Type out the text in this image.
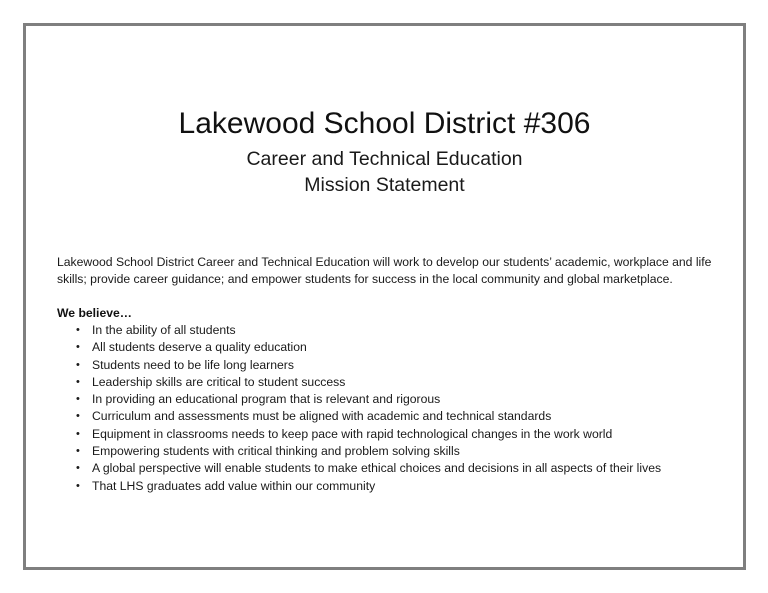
Lakewood School District #306
Career and Technical Education
Mission Statement

Lakewood School District Career and Technical Education will work to develop our students’ academic, workplace and life skills; provide career guidance; and empower students for success in the local community and global marketplace.

We believe…

• In the ability of all students
• All students deserve a quality education
• Students need to be life long learners
• Leadership skills are critical to student success
• In providing an educational program that is relevant and rigorous
• Curriculum and assessments must be aligned with academic and technical standards
• Equipment in classrooms needs to keep pace with rapid technological changes in the work world
• Empowering students with critical thinking and problem solving skills
• A global perspective will enable students to make ethical choices and decisions in all aspects of their lives
• That LHS graduates add value within our community
